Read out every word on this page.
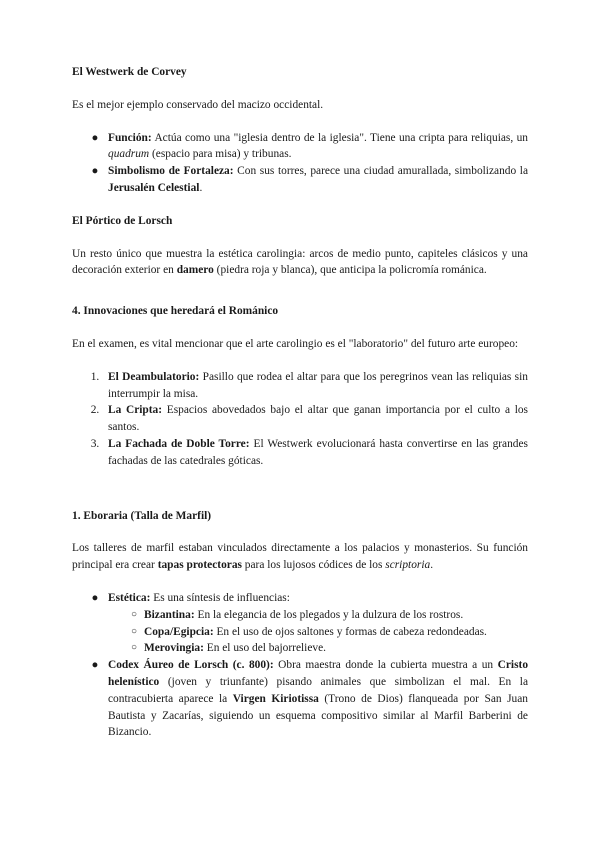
El Westwerk de Corvey

Es el mejor ejemplo conservado del macizo occidental.

● Función: Actúa como una "iglesia dentro de la iglesia". Tiene una cripta para reliquias, un quadrum (espacio para misa) y tribunas.
● Simbolismo de Fortaleza: Con sus torres, parece una ciudad amurallada, simbolizando la Jerusalén Celestial.
El Pórtico de Lorsch

Un resto único que muestra la estética carolingia: arcos de medio punto, capiteles clásicos y una decoración exterior en damero (piedra roja y blanca), que anticipa la policromía románica.

4. Innovaciones que heredará el Románico

En el examen, es vital mencionar que el arte carolingio es el "laboratorio" del futuro arte europeo:

1. El Deambulatorio: Pasillo que rodea el altar para que los peregrinos vean las reliquias sin interrumpir la misa.
2. La Cripta: Espacios abovedados bajo el altar que ganan importancia por el culto a los santos.
3. La Fachada de Doble Torre: El Westwerk evolucionará hasta convertirse en las grandes fachadas de las catedrales góticas.
1. Eboraria (Talla de Marfil)

Los talleres de marfil estaban vinculados directamente a los palacios y monasterios. Su función principal era crear tapas protectoras para los lujosos códices de los scriptoria.

● Estética: Es una síntesis de influencias:
○ Bizantina: En la elegancia de los plegados y la dulzura de los rostros.
○ Copa/Egipcia: En el uso de ojos saltones y formas de cabeza redondeadas.
○ Merovingia: En el uso del bajorrelieve.
● Codex Áureo de Lorsch (c. 800): Obra maestra donde la cubierta muestra a un Cristo helenístico (joven y triunfante) pisando animales que simbolizan el mal. En la contracubierta aparece la Virgen Kiriotissa (Trono de Dios) flanqueada por San Juan Bautista y Zacarías, siguiendo un esquema compositivo similar al Marfil Barberini de Bizancio.
